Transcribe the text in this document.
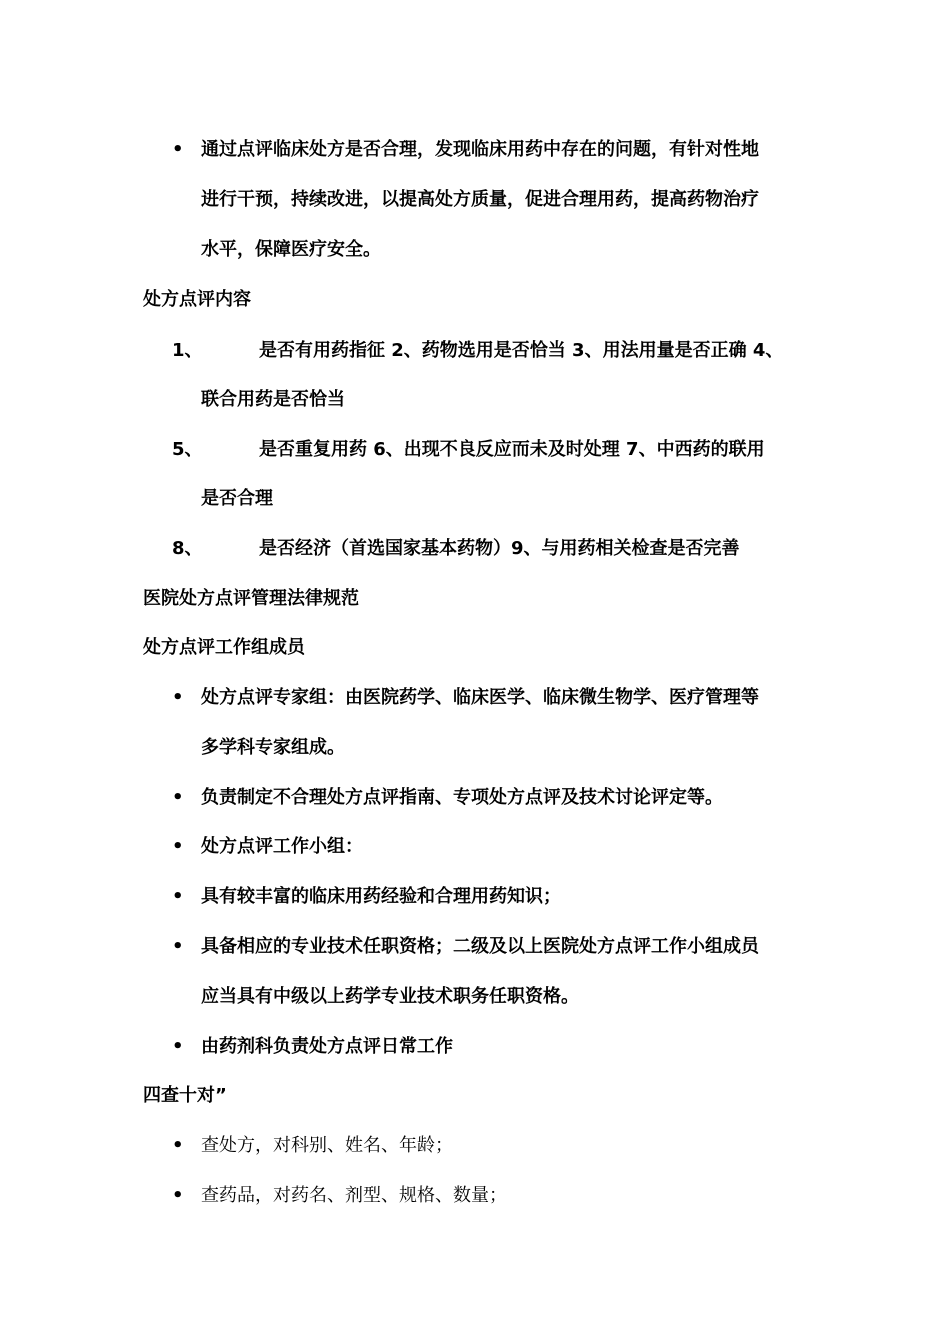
• 通过点评临床处方是否合理，发现临床用药中存在的问题，有针对性地
进行干预，持续改进，以提高处方质量，促进合理用药，提高药物治疗
水平，保障医疗安全。
处方点评内容
1、	是否有用药指征 2、药物选用是否恰当 3、用法用量是否正确 4、
联合用药是否恰当
5、	是否重复用药 6、出现不良反应而未及时处理 7、中西药的联用
是否合理
8、	是否经济（首选国家基本药物）9、与用药相关检查是否完善
医院处方点评管理法律规范
处方点评工作组成员
• 处方点评专家组：由医院药学、临床医学、临床微生物学、医疗管理等
多学科专家组成。
• 负责制定不合理处方点评指南、专项处方点评及技术讨论评定等。
• 处方点评工作小组：
• 具有较丰富的临床用药经验和合理用药知识；
• 具备相应的专业技术任职资格；二级及以上医院处方点评工作小组成员
应当具有中级以上药学专业技术职务任职资格。
• 由药剂科负责处方点评日常工作
四查十对”
• 查处方，对科别、姓名、年龄；
• 查药品，对药名、剂型、规格、数量；
